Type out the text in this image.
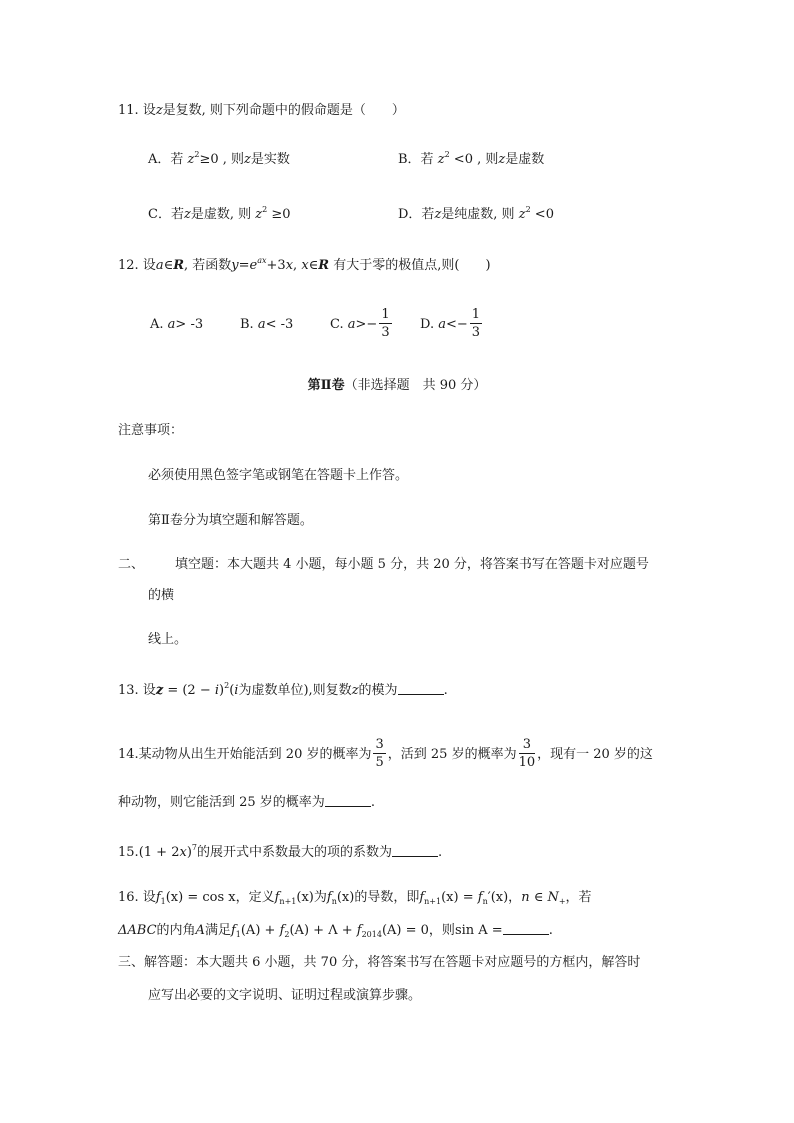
11. 设z是复数, 则下列命题中的假命题是（　　）
A．若 $z^2\ge 0$ , 则z是实数	B．若 $z^2 <0$ , 则z是虚数
C．若z是虚数, 则 $z^2 \ge 0$	D．若z是纯虚数, 则 $z^2 <0$
12. 设a∈R, 若函数$y=e^{ax}+3x$, x∈R 有大于零的极值点,则(　　)
A. a> -3	B. a< -3	C. $a>- \frac{1}{3} D$. $a<- \frac{1}{3}$
第Ⅱ卷（非选择题　共 90 分）
注意事项：
必须使用黑色签字笔或钢笔在答题卡上作答。
第Ⅱ卷分为填空题和解答题。
二、 填空题：本大题共 4 小题，每小题 5 分，共 20 分，将答案书写在答题卡对应题号
的横
线上。
13. 设$z = (2 - i)^2(i$为虚数单位),则复数z的模为	.
14.某动物从出生开始能活到 20 岁的概率为 $\frac{3}{5}$ ，活到 25 岁的概率为 $\frac{3}{10}$ ，现有一 20 岁的这
种动物，则它能活到 25 岁的概率为	.
$15.(1 + 2x)^7$的展开式中系数最大的项的系数为	.
16. 设$f_1(x) = \cos x$，定义$f_{n+1}(x)$为$f_n(x)$的导数，即$f_{n+1}(x) = f_n'(x)$，n ∈ $N_+$，若
ΔABC的内角A满足$f_1(A) + f_2(A) + \Lambda + f_{2014}(A) = 0$，则sin A =	.
三、解答题：本大题共 6 小题，共 70 分，将答案书写在答题卡对应题号的方框内，解答时
应写出必要的文字说明、证明过程或演算步骤。
